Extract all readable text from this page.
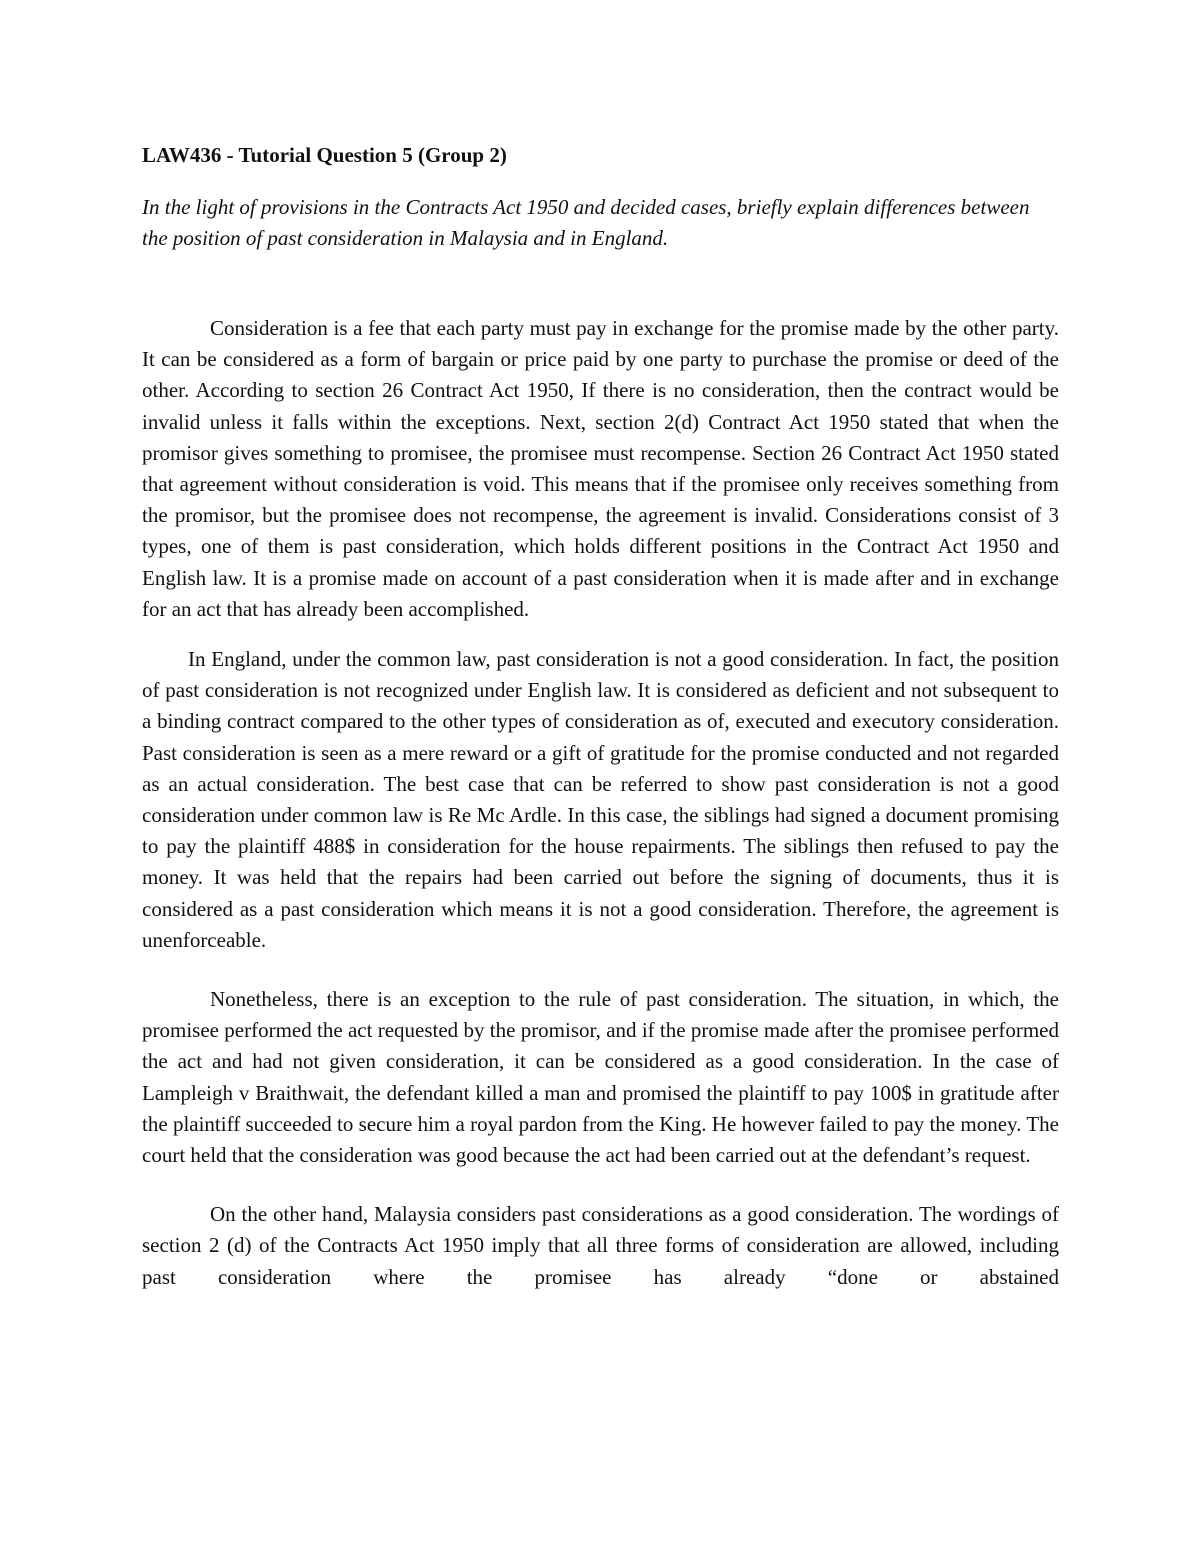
LAW436 - Tutorial Question 5 (Group 2)

In the light of provisions in the Contracts Act 1950 and decided cases, briefly explain differences between the position of past consideration in Malaysia and in England.

Consideration is a fee that each party must pay in exchange for the promise made by the other party. It can be considered as a form of bargain or price paid by one party to purchase the promise or deed of the other. According to section 26 Contract Act 1950, If there is no consideration, then the contract would be invalid unless it falls within the exceptions. Next, section 2(d) Contract Act 1950 stated that when the promisor gives something to promisee, the promisee must recompense. Section 26 Contract Act 1950 stated that agreement without consideration is void. This means that if the promisee only receives something from the promisor, but the promisee does not recompense, the agreement is invalid. Considerations consist of 3 types, one of them is past consideration, which holds different positions in the Contract Act 1950 and English law. It is a promise made on account of a past consideration when it is made after and in exchange for an act that has already been accomplished.

In England, under the common law, past consideration is not a good consideration. In fact, the position of past consideration is not recognized under English law. It is considered as deficient and not subsequent to a binding contract compared to the other types of consideration as of, executed and executory consideration. Past consideration is seen as a mere reward or a gift of gratitude for the promise conducted and not regarded as an actual consideration. The best case that can be referred to show past consideration is not a good consideration under common law is Re Mc Ardle. In this case, the siblings had signed a document promising to pay the plaintiff 488$ in consideration for the house repairments. The siblings then refused to pay the money. It was held that the repairs had been carried out before the signing of documents, thus it is considered as a past consideration which means it is not a good consideration. Therefore, the agreement is unenforceable.

Nonetheless, there is an exception to the rule of past consideration. The situation, in which, the promisee performed the act requested by the promisor, and if the promise made after the promisee performed the act and had not given consideration, it can be considered as a good consideration. In the case of Lampleigh v Braithwait, the defendant killed a man and promised the plaintiff to pay 100$ in gratitude after the plaintiff succeeded to secure him a royal pardon from the King. He however failed to pay the money. The court held that the consideration was good because the act had been carried out at the defendant’s request.

On the other hand, Malaysia considers past considerations as a good consideration. The wordings of section 2 (d) of the Contracts Act 1950 imply that all three forms of consideration are allowed, including past consideration where the promisee has already “done or abstained
